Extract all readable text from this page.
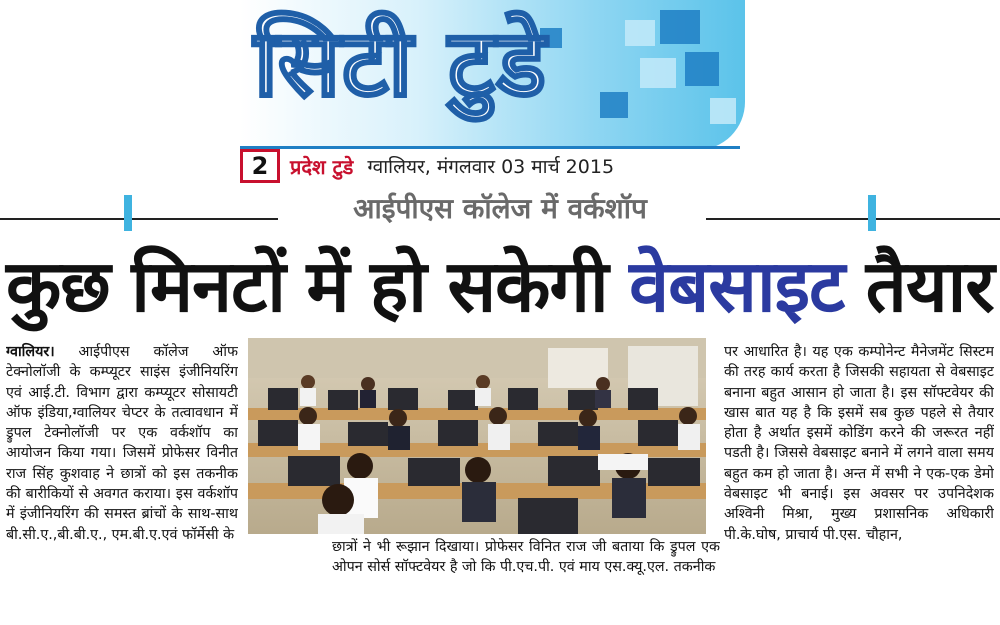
सिटी टुडे
2	प्रदेश टुडे ग्वालियर, मंगलवार 03 मार्च 2015
आईपीएस कॉलेज में वर्कशॉप
कुछ मिनटों में हो सकेगी वेबसाइट तैयार
ग्वालियर। आईपीएस कॉलेज ऑफ टेक्नोलॉजी के कम्प्यूटर साइंस इंजीनियरिंग एवं आई.टी. विभाग द्वारा कम्प्यूटर सोसायटी ऑफ इंडिया,ग्वालियर चेप्टर के तत्वावधान में ड्रुपल टेक्नोलॉजी पर एक वर्कशॉप का आयोजन किया गया। जिसमें प्रोफेसर विनीत राज सिंह कुशवाह ने छात्रों को इस तकनीक की बारीकियों से अवगत कराया। इस वर्कशॉप में इंजीनियरिंग की समस्त ब्रांचों के साथ-साथ बी.सी.ए.,बी.बी.ए., एम.बी.ए.एवं फॉर्मेसी के
छात्रों ने भी रूझान दिखाया। प्रोफेसर विनित राज जी बताया कि ड्रुपल एक ओपन सोर्स सॉफ्टवेयर है जो कि पी.एच.पी. एवं माय एस.क्यू.एल. तकनीक
पर आधारित है। यह एक कम्पोनेन्ट मैनेजमेंट सिस्टम की तरह कार्य करता है जिसकी सहायता से वेबसाइट बनाना बहुत आसान हो जाता है। इस सॉफ्टवेयर की खास बात यह है कि इसमें सब कुछ पहले से तैयार होता है अर्थात इसमें कोडिंग करने की जरूरत नहीं पडती है। जिससे वेबसाइट बनाने में लगने वाला समय बहुत कम हो जाता है। अन्त में सभी ने एक-एक डेमो वेबसाइट भी बनाई। इस अवसर पर उपनिदेशक अश्विनी मिश्रा, मुख्य प्रशासनिक अधिकारी पी.के.घोष, प्राचार्य पी.एस. चौहान,
